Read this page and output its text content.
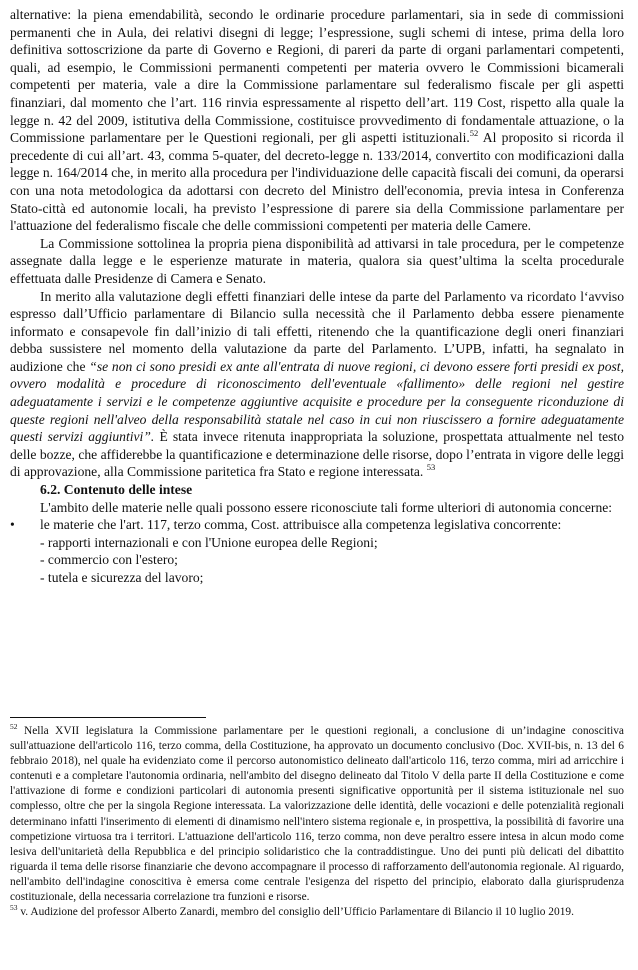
alternative: la piena emendabilità, secondo le ordinarie procedure parlamentari, sia in sede di commissioni permanenti che in Aula, dei relativi disegni di legge; l’espressione, sugli schemi di intese, prima della loro definitiva sottoscrizione da parte di Governo e Regioni, di pareri da parte di organi parlamentari competenti, quali, ad esempio, le Commissioni permanenti competenti per materia ovvero le Commissioni bicamerali competenti per materia, vale a dire la Commissione parlamentare sul federalismo fiscale per gli aspetti finanziari, dal momento che l’art. 116 rinvia espressamente al rispetto dell’art. 119 Cost, rispetto alla quale la legge n. 42 del 2009, istitutiva della Commissione, costituisce provvedimento di fondamentale attuazione, o la Commissione parlamentare per le Questioni regionali, per gli aspetti istituzionali.$^{52}$ Al proposito si ricorda il precedente di cui all’art. 43, comma 5-quater, del decreto-legge n. 133/2014, convertito con modificazioni dalla legge n. 164/2014 che, in merito alla procedura per l'individuazione delle capacità fiscali dei comuni, da operarsi con una nota metodologica da adottarsi con decreto del Ministro dell'economia, previa intesa in Conferenza Stato-città ed autonomie locali, ha previsto l’espressione di parere sia della Commissione parlamentare per l'attuazione del federalismo fiscale che delle commissioni competenti per materia delle Camere.

La Commissione sottolinea la propria piena disponibilità ad attivarsi in tale procedura, per le competenze assegnate dalla legge e le esperienze maturate in materia, qualora sia quest’ultima la scelta procedurale effettuata dalle Presidenze di Camera e Senato.

In merito alla valutazione degli effetti finanziari delle intese da parte del Parlamento va ricordato l‘avviso espresso dall’Ufficio parlamentare di Bilancio sulla necessità che il Parlamento debba essere pienamente informato e consapevole fin dall’inizio di tali effetti, ritenendo che la quantificazione degli oneri finanziari debba sussistere nel momento della valutazione da parte del Parlamento. L’UPB, infatti, ha segnalato in audizione che “se non ci sono presidi ex ante all'entrata di nuove regioni, ci devono essere forti presidi ex post, ovvero modalità e procedure di riconoscimento dell'eventuale «fallimento» delle regioni nel gestire adeguatamente i servizi e le competenze aggiuntive acquisite e procedure per la conseguente riconduzione di queste regioni nell'alveo della responsabilità statale nel caso in cui non riuscissero a fornire adeguatamente questi servizi aggiuntivi”. È stata invece ritenuta inappropriata la soluzione, prospettata attualmente nel testo delle bozze, che affiderebbe la quantificazione e determinazione delle risorse, dopo l’entrata in vigore delle leggi di approvazione, alla Commissione paritetica fra Stato e regione interessata. $^{53}$

6.2. Contenuto delle intese

L'ambito delle materie nelle quali possono essere riconosciute tali forme ulteriori di autonomia concerne:

• le materie che l'art. 117, terzo comma, Cost. attribuisce alla competenza legislativa concorrente:
- rapporti internazionali e con l'Unione europea delle Regioni;
- commercio con l'estero;
- tutela e sicurezza del lavoro;

$^{52}$ Nella XVII legislatura la Commissione parlamentare per le questioni regionali, a conclusione di un’indagine conoscitiva sull'attuazione dell'articolo 116, terzo comma, della Costituzione, ha approvato un documento conclusivo (Doc. XVII-bis, n. 13 del 6 febbraio 2018), nel quale ha evidenziato come il percorso autonomistico delineato dall'articolo 116, terzo comma, miri ad arricchire i contenuti e a completare l'autonomia ordinaria, nell'ambito del disegno delineato dal Titolo V della parte II della Costituzione e come l'attivazione di forme e condizioni particolari di autonomia presenti significative opportunità per il sistema istituzionale nel suo complesso, oltre che per la singola Regione interessata. La valorizzazione delle identità, delle vocazioni e delle potenzialità regionali determinano infatti l'inserimento di elementi di dinamismo nell'intero sistema regionale e, in prospettiva, la possibilità di favorire una competizione virtuosa tra i territori. L'attuazione dell'articolo 116, terzo comma, non deve peraltro essere intesa in alcun modo come lesiva dell'unitarietà della Repubblica e del principio solidaristico che la contraddistingue. Uno dei punti più delicati del dibattito riguarda il tema delle risorse finanziarie che devono accompagnare il processo di rafforzamento dell'autonomia regionale. Al riguardo, nell'ambito dell'indagine conoscitiva è emersa come centrale l'esigenza del rispetto del principio, elaborato dalla giurisprudenza costituzionale, della necessaria correlazione tra funzioni e risorse.

$^{53}$ v. Audizione del professor Alberto Zanardi, membro del consiglio dell’Ufficio Parlamentare di Bilancio il 10 luglio 2019.
